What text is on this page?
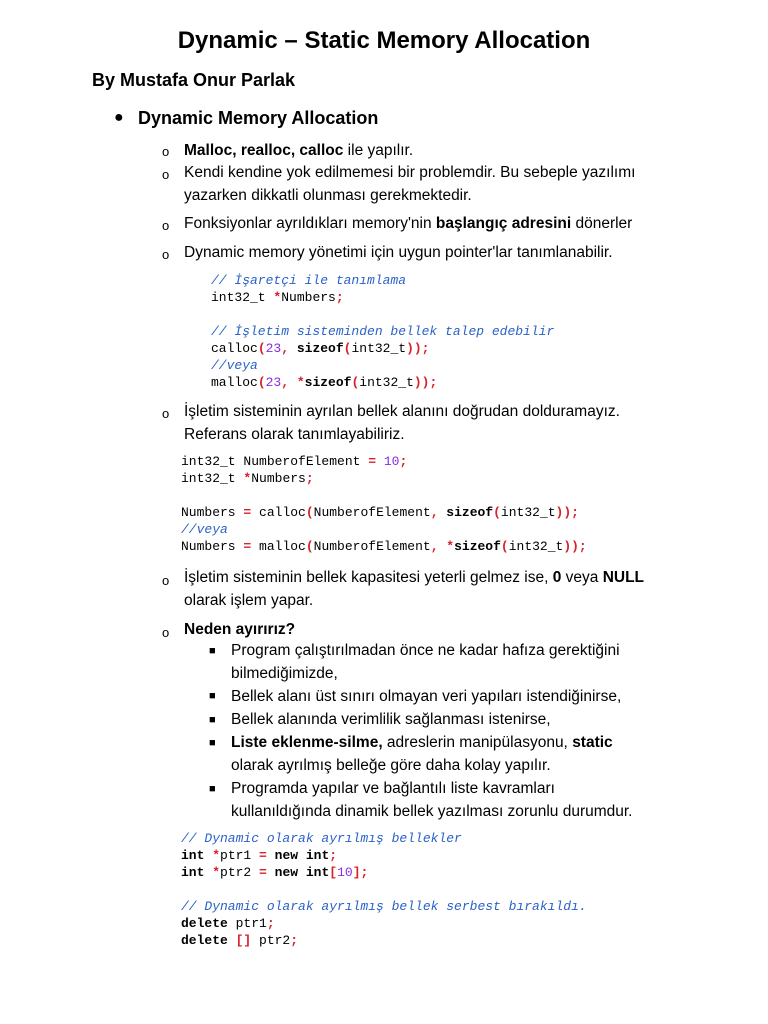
Dynamic – Static Memory Allocation
By Mustafa Onur Parlak
● Dynamic Memory Allocation
o Malloc, realloc, calloc ile yapılır.
o Kendi kendine yok edilmemesi bir problemdir. Bu sebeple yazılımı
yazarken dikkatli olunması gerekmektedir.
o Fonksiyonlar ayrıldıkları memory'nin başlangıç adresini dönerler
o Dynamic memory yönetimi için uygun pointer'lar tanımlanabilir.
// İşaretçi ile tanımlama
int32_t *Numbers;

// İşletim sisteminden bellek talep edebilir
calloc(23, sizeof(int32_t));
//veya
malloc(23, *sizeof(int32_t));
o İşletim sisteminin ayrılan bellek alanını doğrudan dolduramayız.
Referans olarak tanımlayabiliriz.
int32_t NumberofElement = 10;
int32_t *Numbers;

Numbers = calloc(NumberofElement, sizeof(int32_t));
//veya
Numbers = malloc(NumberofElement, *sizeof(int32_t));
o İşletim sisteminin bellek kapasitesi yeterli gelmez ise, 0 veya NULL
olarak işlem yapar.
o Neden ayırırız?
■ Program çalıştırılmadan önce ne kadar hafıza gerektiğini
bilmediğimizde,
■ Bellek alanı üst sınırı olmayan veri yapıları istendiğinirse,
■ Bellek alanında verimlilik sağlanması istenirse,
■ Liste eklenme-silme, adreslerin manipülasyonu, static
olarak ayrılmış belleğe göre daha kolay yapılır.
■ Programda yapılar ve bağlantılı liste kavramları
kullanıldığında dinamik bellek yazılması zorunlu durumdur.
// Dynamic olarak ayrılmış bellekler
int *ptr1 = new int;
int *ptr2 = new int[10];

// Dynamic olarak ayrılmış bellek serbest bırakıldı.
delete ptr1;
delete [] ptr2;
